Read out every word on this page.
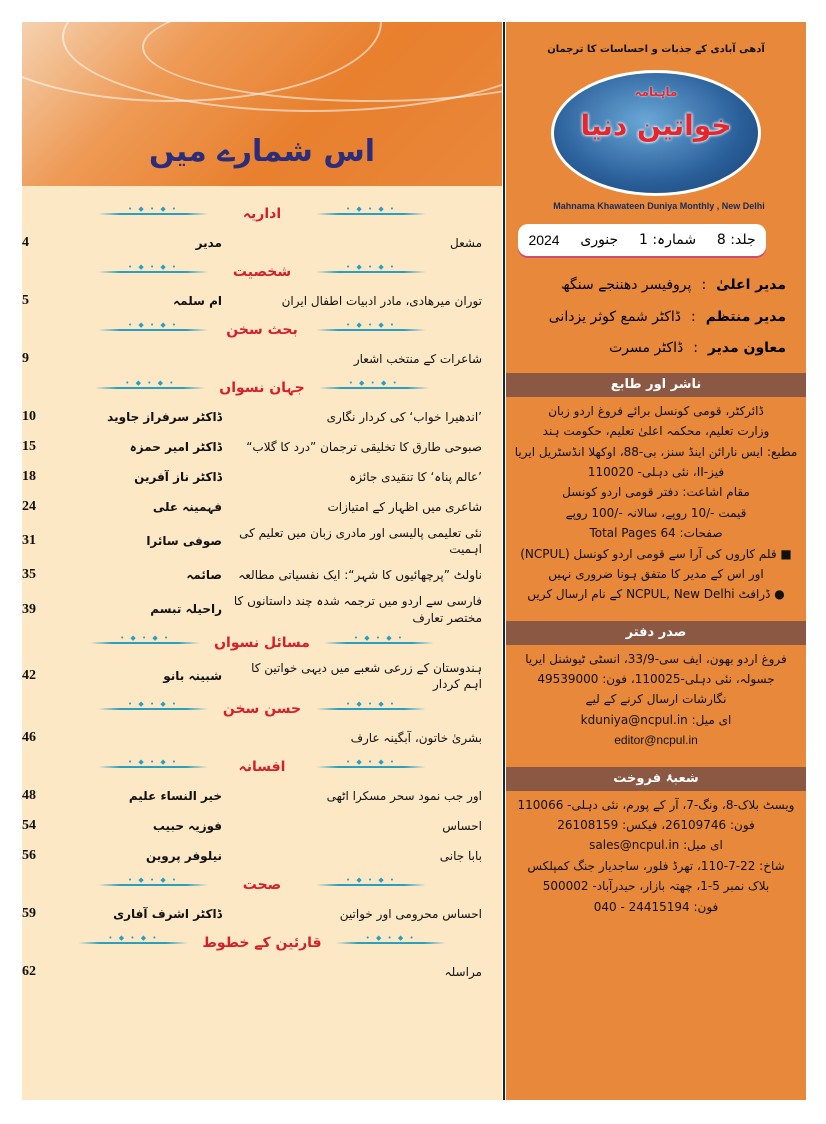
اس شمارے میں
• ◆ • ◆ •
اداریہ
• ◆ • ◆ •
مشعل
مدیر
4
• ◆ • ◆ •
شخصیت
• ◆ • ◆ •
توران میرھادی، مادر ادبیات اطفال ایران
ام سلمہ
5
• ◆ • ◆ •
بحث سخن
• ◆ • ◆ •
شاعرات کے منتخب اشعار
9
• ◆ • ◆ •
جہان نسواں
• ◆ • ◆ •
’اندھیرا خواب‘ کی کردار نگاری
ڈاکٹر سرفراز جاوید
10
صبوحی طارق کا تخلیقی ترجمان ”درد کا گلاب“
ڈاکٹر امیر حمزہ
15
’عالم پناہ‘ کا تنقیدی جائزہ
ڈاکٹر ناز آفرین
18
شاعری میں اظہار کے امتیازات
فہمینہ علی
24
نئی تعلیمی پالیسی اور مادری زبان میں تعلیم کی اہمیت
صوفی سائرا
31
ناولٹ ”پرچھائیوں کا شہر“: ایک نفسیاتی مطالعہ
صائمہ
35
فارسی سے اردو میں ترجمہ شدہ چند داستانوں کا مختصر تعارف
راحیلہ تبسم
39
• ◆ • ◆ •
مسائل نسواں
• ◆ • ◆ •
ہندوستان کے زرعی شعبے میں دیہی خواتین کا اہم کردار
شبینہ بانو
42
• ◆ • ◆ •
حسن سخن
• ◆ • ◆ •
بشریٰ خاتون، آبگینہ عارف
46
• ◆ • ◆ •
افسانہ
• ◆ • ◆ •
اور جب نمود سحر مسکرا اٹھی
خیر النساء علیم
48
احساس
فوزیہ حبیب
54
بابا جانی
نیلوفر پروین
56
• ◆ • ◆ •
صحت
• ◆ • ◆ •
احساس محرومی اور خواتین
ڈاکٹر اشرف آفاری
59
• ◆ • ◆ •
قارئین کے خطوط
• ◆ • ◆ •
مراسلہ
62
آدھی آبادی کے جذبات و احساسات کا ترجمان
ماہنامہ
خواتین دنیا
Mahnama Khawateen Duniya Monthly , New Delhi
جلد: 8
شمارہ: 1
جنوری
2024
مدیر اعلیٰ
:
پروفیسر دھننجے سنگھ
مدیر منتظم
:
ڈاکٹر شمع کوثر یزدانی
معاون مدیر
:
ڈاکٹر مسرت
ناشر اور طابع
ڈائرکٹر، قومی کونسل برائے فروغ اردو زبان
وزارت تعلیم، محکمہ اعلیٰ تعلیم، حکومت ہند
مطبع: ایس نارائن اینڈ سنز، بی-88، اوکھلا انڈسٹریل ایریا
فیز-II، نئی دہلی- 110020
مقام اشاعت: دفتر قومی اردو کونسل
قیمت -/10 روپے، سالانہ -/100 روپے
صفحات: 64 Total Pages
■ قلم کاروں کی آرا سے قومی اردو کونسل (NCPUL)
اور اس کے مدیر کا متفق ہونا ضروری نہیں
● ڈرافٹ NCPUL, New Delhi کے نام ارسال کریں
صدر دفتر
فروغ اردو بھون، ایف سی-33/9، انسٹی ٹیوشنل ایریا
جسولہ، نئی دہلی-110025، فون: 49539000
نگارشات ارسال کرنے کے لیے
ای میل: kduniya@ncpul.in
editor@ncpul.in
شعبۂ فروخت
ویسٹ بلاک-8، ونگ-7، آر کے پورم، نئی دہلی- 110066
فون: 26109746، فیکس: 26108159
ای میل: sales@ncpul.in
شاخ: 22-7-110، تھرڈ فلور، ساجدیار جنگ کمپلکس
بلاک نمبر 5-1، چھتہ بازار، حیدرآباد- 500002
فون: 24415194 - 040
